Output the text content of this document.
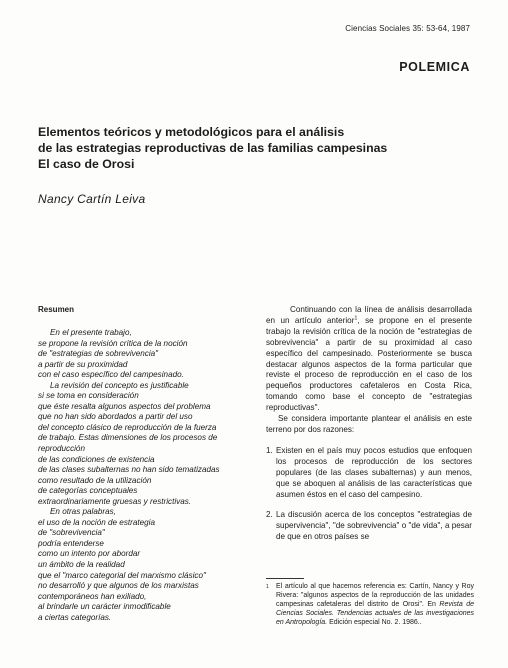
Ciencias Sociales 35: 53-64, 1987
POLEMICA
Elementos teóricos y metodológicos para el análisis
de las estrategias reproductivas de las familias campesinas
El caso de Orosi
Nancy Cartín Leiva
Resumen
En el presente trabajo,
se propone la revisión crítica de la noción
de "estrategias de sobrevivencia"
a partir de su proximidad
con el caso específico del campesinado.
La revisión del concepto es justificable
si se toma en consideración
que éste resalta algunos aspectos del problema
que no han sido abordados a partir del uso
del concepto clásico de reproducción de la fuerza
de trabajo. Estas dimensiones de los procesos de
reproducción
de las condiciones de existencia
de las clases subalternas no han sido tematizadas
como resultado de la utilización
de categorías conceptuales
extraordinariamente gruesas y restrictivas.
En otras palabras,
el uso de la noción de estrategia
de "sobrevivencia"
podría entenderse
como un intento por abordar
un ámbito de la realidad
que el "marco categorial del marxismo clásico"
no desarrolló y que algunos de los marxistas
contemporáneos han exiliado,
al brindarle un carácter inmodificable
a ciertas categorías.

Continuando con la línea de análisis desarrollada en un artículo anterior$^1$, se propone en el presente trabajo la revisión crítica de la noción de "estrategias de sobrevivencia" a partir de su proximidad al caso específico del campesinado. Posteriormente se busca destacar algunos aspectos de la forma particular que reviste el proceso de reproducción en el caso de los pequeños productores cafetaleros en Costa Rica, tomando como base el concepto de "estrategias reproductivas".

Se considera importante plantear el análisis en este terreno por dos razones:

1. Existen en el país muy pocos estudios que enfoquen los procesos de reproducción de los sectores populares (de las clases subalternas) y aun menos, que se aboquen al análisis de las características que asumen éstos en el caso del campesino.
2. La discusión acerca de los conceptos "estrategias de supervivencia", "de sobrevivencia" o "de vida", a pesar de que en otros países se
1	El artículo al que hacemos referencia es: Cartín, Nancy y Roy Rivera: "algunos aspectos de la reproducción de las unidades campesinas cafetaleras del distrito de Orosi". En Revista de Ciencias Sociales. Tendencias actuales de las investigaciones en Antropología. Edición especial No. 2. 1986..
